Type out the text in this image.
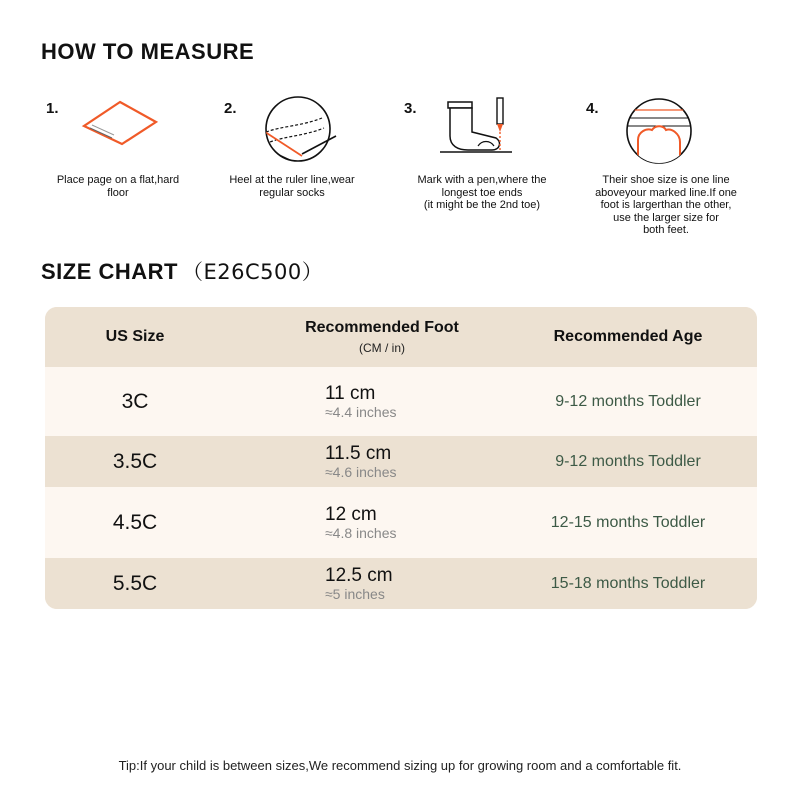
HOW TO MEASURE
1.
Place page on a flat,hard
floor
2.
Heel at the ruler line,wear
regular socks
3.
Mark with a pen,where the
longest toe ends
(it might be the 2nd toe)
4.
Their shoe size is one line
aboveyour marked line.If one
foot is largerthan the other,
use the larger size for
both feet.
SIZE CHART （E26C500）
US Size
Recommended Foot
(CM / in)
Recommended Age
3C	11 cm
≈4.4 inches
9-12 months Toddler
3.5C	11.5 cm
≈4.6 inches
9-12 months Toddler
4.5C	12 cm
≈4.8 inches
12-15 months Toddler
5.5C	12.5 cm
≈5 inches
15-18 months Toddler
Tip:If your child is between sizes,We recommend sizing up for growing room and a comfortable fit.
